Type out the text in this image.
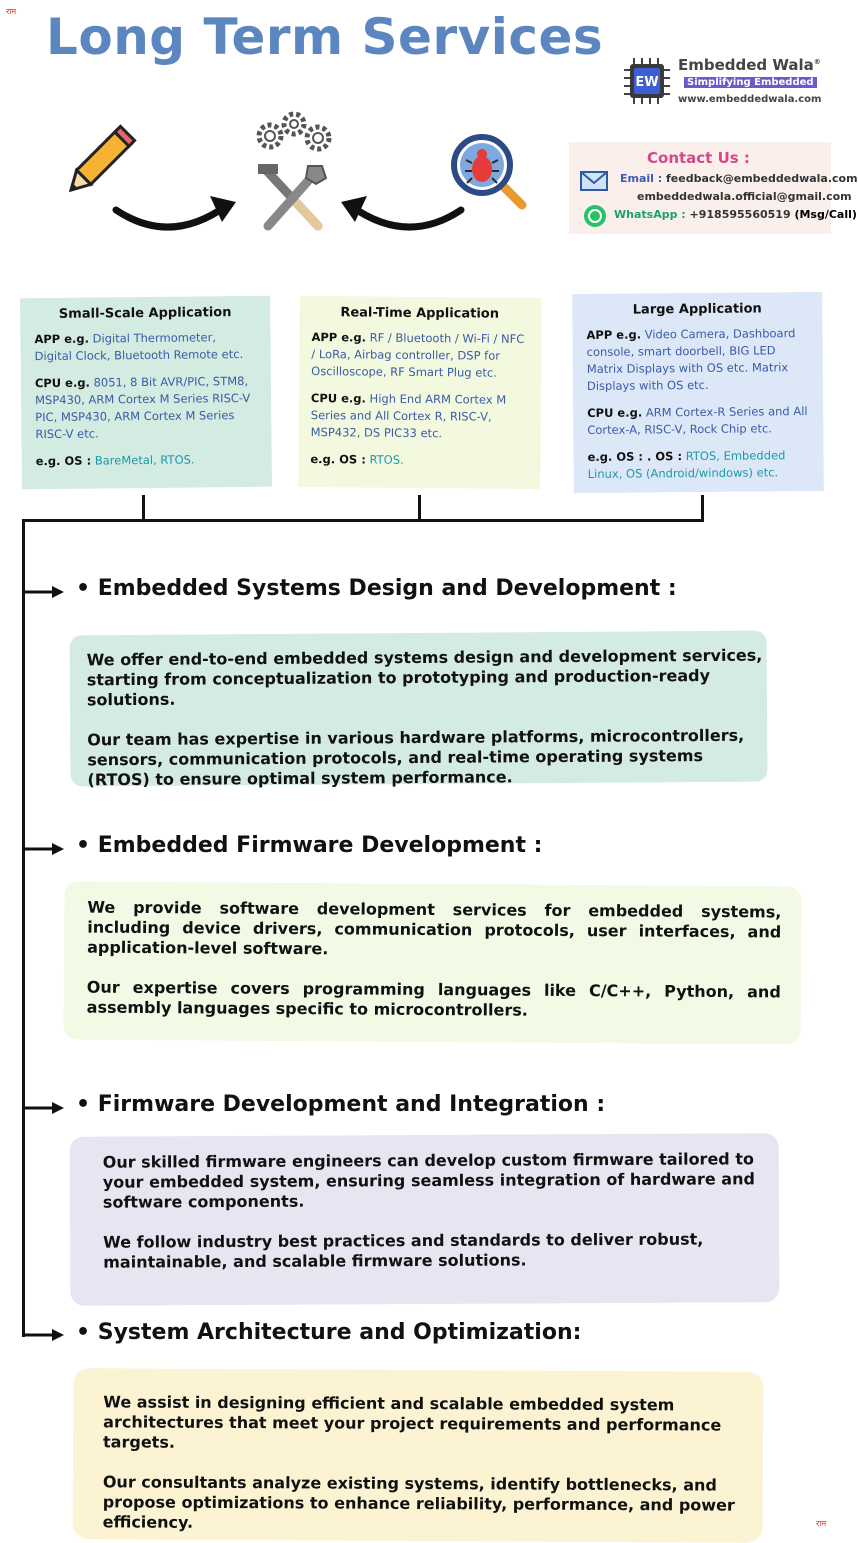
राम
राम
Long Term Services
EW
Embedded Wala®
Simplifying Embedded
www.embeddedwala.com
Contact Us :
Email : feedback@embeddedwala.com
embeddedwala.official@gmail.com
WhatsApp : +918595560519 (Msg/Call)
Small-Scale Application

APP e.g. Digital Thermometer, Digital Clock, Bluetooth Remote etc.

CPU e.g. 8051, 8 Bit AVR/PIC, STM8, MSP430, ARM Cortex M Series RISC-V PIC, MSP430, ARM Cortex M Series RISC-V etc.

e.g. OS : BareMetal, RTOS.

Real-Time Application

APP e.g. RF / Bluetooth / Wi-Fi / NFC / LoRa, Airbag controller, DSP for Oscilloscope, RF Smart Plug etc.

CPU e.g. High End ARM Cortex M Series and All Cortex R, RISC-V, MSP432, DS PIC33 etc.

e.g. OS : RTOS.

Large Application

APP e.g. Video Camera, Dashboard console, smart doorbell, BIG LED Matrix Displays with OS etc. Matrix Displays with OS etc.

CPU e.g. ARM Cortex-R Series and All Cortex-A, RISC-V, Rock Chip etc.

e.g. OS : . OS : RTOS, Embedded Linux, OS (Android/windows) etc.

• Embedded Systems Design and Development :

We offer end-to-end embedded systems design and development services, starting from conceptualization to prototyping and production-ready solutions.

Our team has expertise in various hardware platforms, microcontrollers, sensors, communication protocols, and real-time operating systems (RTOS) to ensure optimal system performance.

• Embedded Firmware Development :

We provide software development services for embedded systems, including device drivers, communication protocols, user interfaces, and application-level software.

Our expertise covers programming languages like C/C++, Python, and assembly languages specific to microcontrollers.

• Firmware Development and Integration :

Our skilled firmware engineers can develop custom firmware tailored to your embedded system, ensuring seamless integration of hardware and software components.

We follow industry best practices and standards to deliver robust, maintainable, and scalable firmware solutions.

• System Architecture and Optimization:

We assist in designing efficient and scalable embedded system architectures that meet your project requirements and performance targets.

Our consultants analyze existing systems, identify bottlenecks, and propose optimizations to enhance reliability, performance, and power efficiency.
